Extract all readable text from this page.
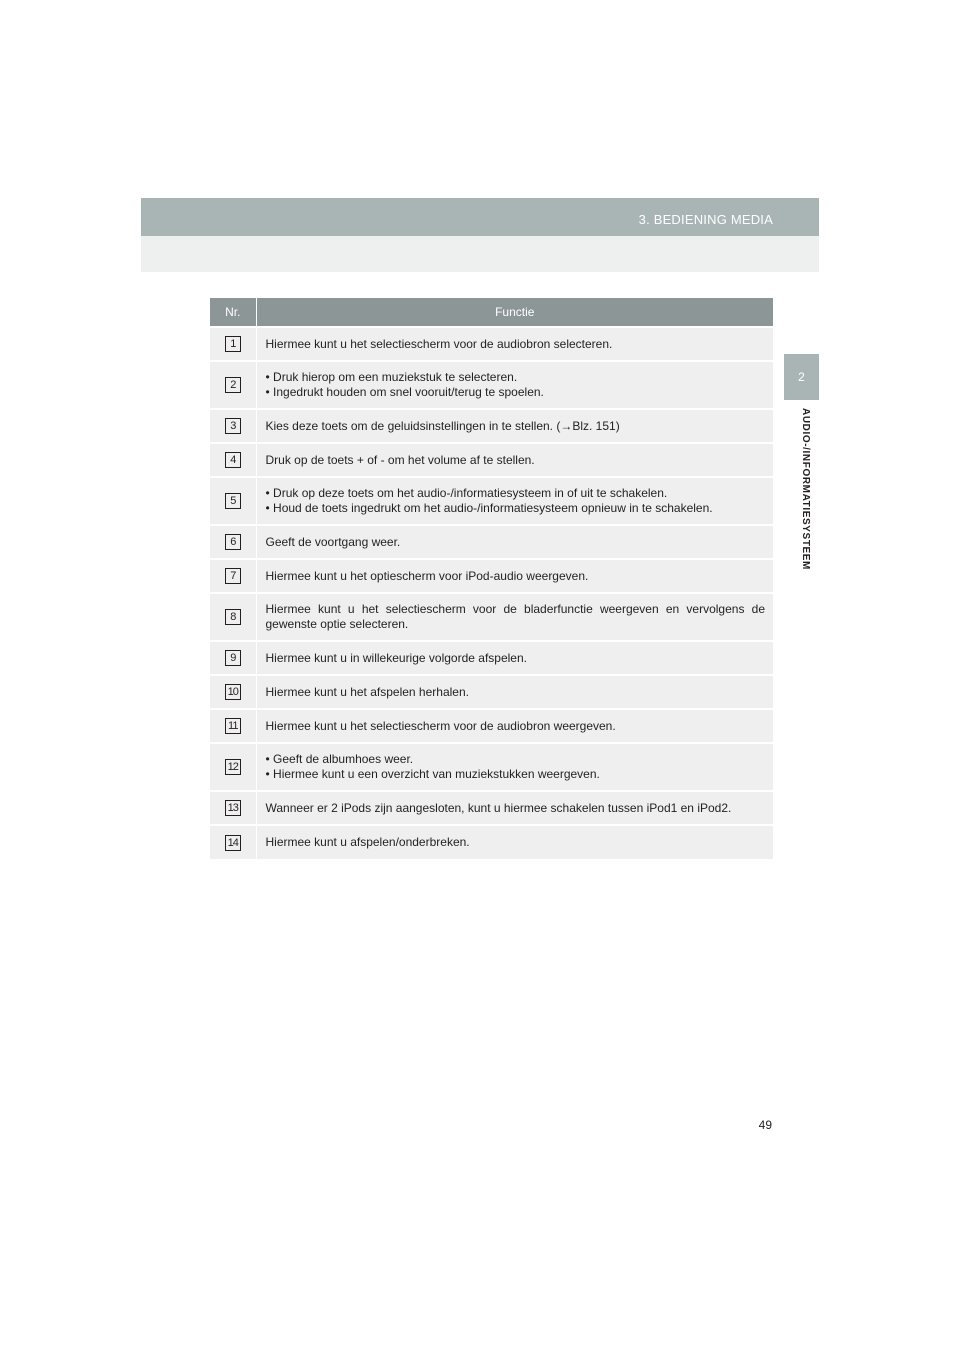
3. BEDIENING MEDIA
2
AUDIO-/INFORMATIESYSTEEM
Nr.	Functie
1	Hiermee kunt u het selectiescherm voor de audiobron selecteren.

2	• Druk hierop om een muziekstuk te selecteren.
• Ingedrukt houden om snel vooruit/terug te spoelen.

3	Kies deze toets om de geluidsinstellingen in te stellen. (→Blz. 151)

4	Druk op de toets + of - om het volume af te stellen.

5	• Druk op deze toets om het audio-/informatiesysteem in of uit te schakelen.
• Houd de toets ingedrukt om het audio-/informatiesysteem opnieuw in te schakelen.

6	Geeft de voortgang weer.

7	Hiermee kunt u het optiescherm voor iPod-audio weergeven.

8	Hiermee kunt u het selectiescherm voor de bladerfunctie weergeven en vervolgens de gewenste optie selecteren.

9	Hiermee kunt u in willekeurige volgorde afspelen.

10	Hiermee kunt u het afspelen herhalen.

11	Hiermee kunt u het selectiescherm voor de audiobron weergeven.

12	• Geeft de albumhoes weer.
• Hiermee kunt u een overzicht van muziekstukken weergeven.

13	Wanneer er 2 iPods zijn aangesloten, kunt u hiermee schakelen tussen iPod1 en iPod2.

14	Hiermee kunt u afspelen/onderbreken.
49
